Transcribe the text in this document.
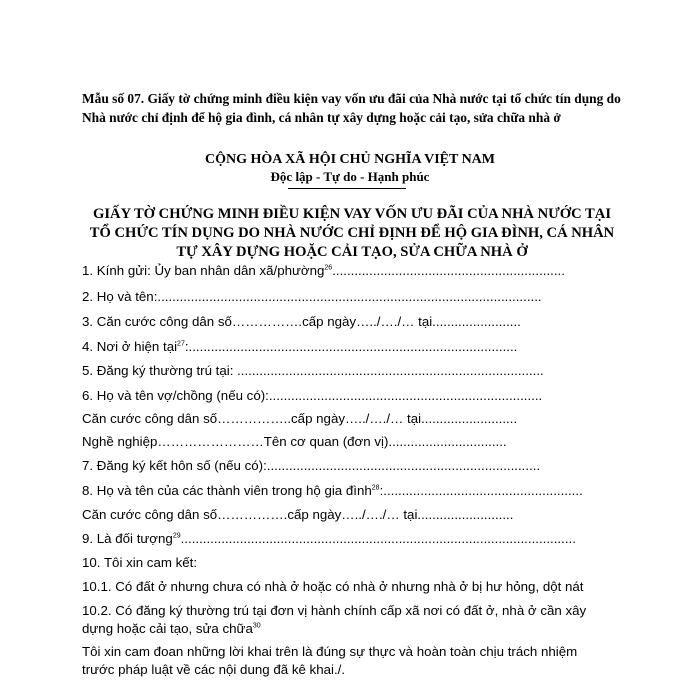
Mẫu số 07. Giấy tờ chứng minh điều kiện vay vốn ưu đãi của Nhà nước tại tổ chức tín dụng do Nhà nước chỉ định để hộ gia đình, cá nhân tự xây dựng hoặc cải tạo, sửa chữa nhà ở
CỘNG HÒA XÃ HỘI CHỦ NGHĨA VIỆT NAM
Độc lập - Tự do - Hạnh phúc
GIẤY TỜ CHỨNG MINH ĐIỀU KIỆN VAY VỐN ƯU ĐÃI CỦA NHÀ NƯỚC TẠI TỔ CHỨC TÍN DỤNG DO NHÀ NƯỚC CHỈ ĐỊNH ĐỂ HỘ GIA ĐÌNH, CÁ NHÂN TỰ XÂY DỰNG HOẶC CẢI TẠO, SỬA CHỮA NHÀ Ở
1. Kính gửi: Ủy ban nhân dân xã/phường$^{26}$...............................................................
2. Họ và tên:........................................................................................................
3. Căn cước công dân số…………….cấp ngày…../…./… tại........................
4. Nơi ở hiện tại$^{27}$:.........................................................................................
5. Đăng ký thường trú tại: ...................................................................................
6. Họ và tên vợ/chồng (nếu có):..........................................................................
Căn cước công dân số……………..cấp ngày…../…./… tại..........................
Nghề nghiệp……………………Tên cơ quan (đơn vị)................................
7. Đăng ký kết hôn số (nếu có):..........................................................................
8. Họ và tên của các thành viên trong hộ gia đình$^{28}$:......................................................
Căn cước công dân số…………….cấp ngày…../…./… tại..........................
9. Là đối tượng$^{29}$...........................................................................................................
10. Tôi xin cam kết:
10.1. Có đất ở nhưng chưa có nhà ở hoặc có nhà ở nhưng nhà ở bị hư hỏng, dột nát
10.2. Có đăng ký thường trú tại đơn vị hành chính cấp xã nơi có đất ở, nhà ở cần xây dựng hoặc cải tạo, sửa chữa$^{30}$
Tôi xin cam đoan những lời khai trên là đúng sự thực và hoàn toàn chịu trách nhiệm trước pháp luật về các nội dung đã kê khai./.
